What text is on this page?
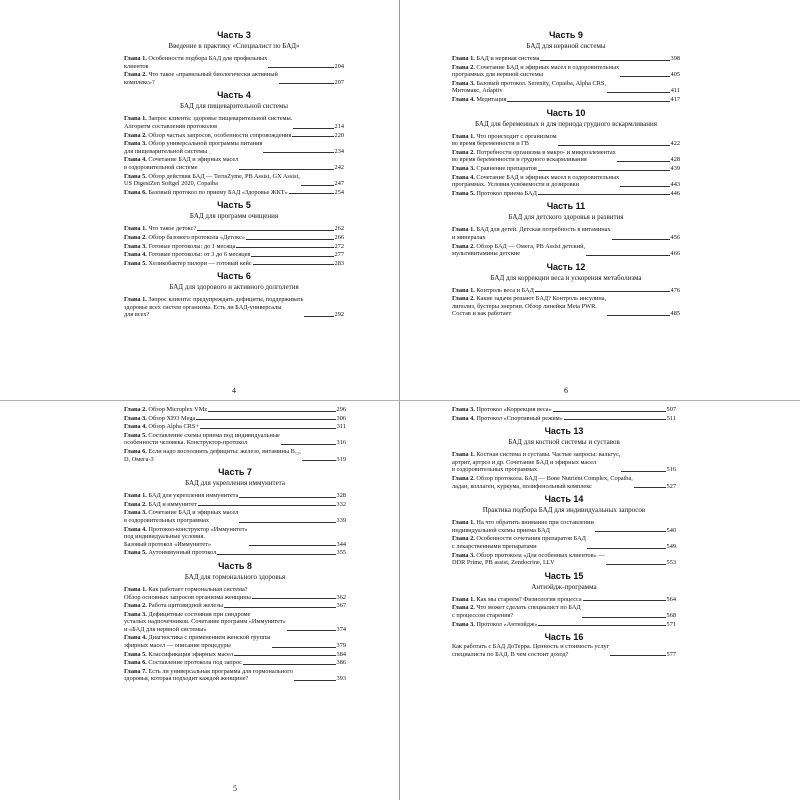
Часть 3
Введение в практику «Специалист по БАД»
Глава 1. Особенности подбора БАД для профильных
клиентов	204
Глава 2. Что такое «правильный биологически активный
комплекс»?	207
Часть 4
БАД для пищеварительной системы
Глава 1. Запрос клиента: здоровье пищеварительной системы.
Алгоритм составления протоколов	214
Глава 2. Обзор частых запросов, особенности сопровождения	220
Глава 3. Обзор универсальной программы питания
для пищеварительной системы	234
Глава 4. Сочетание БАД и эфирных масел
в оздоровительной системе	242
Глава 5. Обзор действия БАД — TerraZyme, PB Assist, GX Assist,
US DigestZen Softgel 2020, Copaiba	247
Глава 6. Базовый протокол по приему БАД «Здоровье ЖКТ»	254
Часть 5
БАД для программ очищения
Глава 1. Что такое детокс?	262
Глава 2. Обзор базового протокола «Детокс»	266
Глава 3. Готовые протоколы: до 1 месяца	272
Глава 4. Готовые протоколы: от 3 до 6 месяцев	277
Глава 5. Хеликобактер пилори — готовый кейс	283
Часть 6
БАД для здорового и активного долголетия
Глава 1. Запрос клиента: предупреждать дефициты, поддерживать
здоровье всех систем организма. Есть ли БАД-универсалы
для всех?	292
4
Часть 9
БАД для нервной системы
Глава 1. БАД и нервная система	398
Глава 2. Сочетание БАД и эфирных масел в оздоровительных
программах для нервной системы	405
Глава 3. Базовый протокол. Serenity, Copaiba, Alpha CRS,
Митомакс, Adaptiv	411
Глава 4. Медитация	417
Часть 10
БАД для беременных и для периода грудного вскармливания
Глава 1. Что происходит с организмом
во время беременности и ГВ	422
Глава 2. Потребности организма в макро- и микроэлементах
во время беременности и грудного вскармливания	428
Глава 3. Сравнение препаратов	439
Глава 4. Сочетание БАД и эфирных масел в оздоровительных
программах. Условия усвояемости и дозировки	443
Глава 5. Протокол приема БАД	446
Часть 11
БАД для детского здоровья и развития
Глава 1. БАД для детей. Детская потребность в витаминах
и минералах	456
Глава 2. Обзор БАД — Омега, PB Assist детский,
мультивитамины детские	466
Часть 12
БАД для коррекции веса и ускорения метаболизма
Глава 1. Контроль веса и БАД	476
Глава 2. Какие задачи решают БАД? Контроль инсулина,
липолиз, бустеры энергии. Обзор линейки Meta PWR.
Состав и как работает	485
6
Глава 2. Обзор Microplex VMz	296
Глава 3. Обзор ХЕО Mega	306
Глава 4. Обзор Alpha CRS+	311
Глава 5. Составление схемы приема под индивидуальные
особенности человека. Конструктор-протокол	316
Глава 6. Если надо восполнить дефициты: железо, витамины B₁₂,
D, Омега-3	319
Часть 7
БАД для укрепления иммунитета
Глава 1. БАД для укрепления иммунитета	328
Глава 2. БАД и иммунитет	332
Глава 3. Сочетание БАД и эфирных масел
в оздоровительных программах	339
Глава 4. Протокол-конструктор «Иммунитет»
под индивидуальные условия.
Базовый протокол «Иммунитет»	344
Глава 5. Аутоиммунный протокол	355
Часть 8
БАД для гормонального здоровья
Глава 1. Как работает гормональная система?
Обзор основных запросов организма женщины	362
Глава 2. Работа щитовидной железы	367
Глава 3. Дефицитные состояния при синдроме
усталых надпочечников. Сочетание программ «Иммунитет»
и «БАД для нервной системы»	374
Глава 4. Диагностика с применением женской группы
эфирных масел — описание процедуры	379
Глава 5. Классификация эфирных масел	384
Глава 6. Составление протокола под запрос	386
Глава 7. Есть ли универсальная программа для гормонального
здоровья, которая подходит каждой женщине?	393
5
Глава 3. Протокол «Коррекция веса»	507
Глава 4. Протокол «Спортивный режим»	511
Часть 13
БАД для костной системы и суставов
Глава 1. Костная система и суставы. Частые запросы: вальгус,
артрит, артроз и др. Сочетание БАД и эфирных масел
в оздоровительных программах	516
Глава 2. Обзор протокола. БАД — Bone Nutrient Complex, Copaiba,
ладан, коллаген, куркума, полифенольный комплекс	527
Часть 14
Практика подбора БАД для индивидуальных запросов
Глава 1. На что обратить внимание при составлении
индивидуальной схемы приема БАД	540
Глава 2. Особенности сочетания препаратов БАД
с лекарственными препаратами	549
Глава 3. Обзор протокола «Для особенных клиентов» —
DDR Prime, PB assist, Zendocrine, LLV	553
Часть 15
Антиэйдж-программа
Глава 1. Как мы стареем? Физиология процесса	564
Глава 2. Что может сделать специалист по БАД
с процессом старения?	568
Глава 3. Протокол «Антиэйдж»	571
Часть 16
Как работать с БАД ДоТерра. Ценность и стоимость услуг
специалиста по БАД. В чем состоит доход?	577
